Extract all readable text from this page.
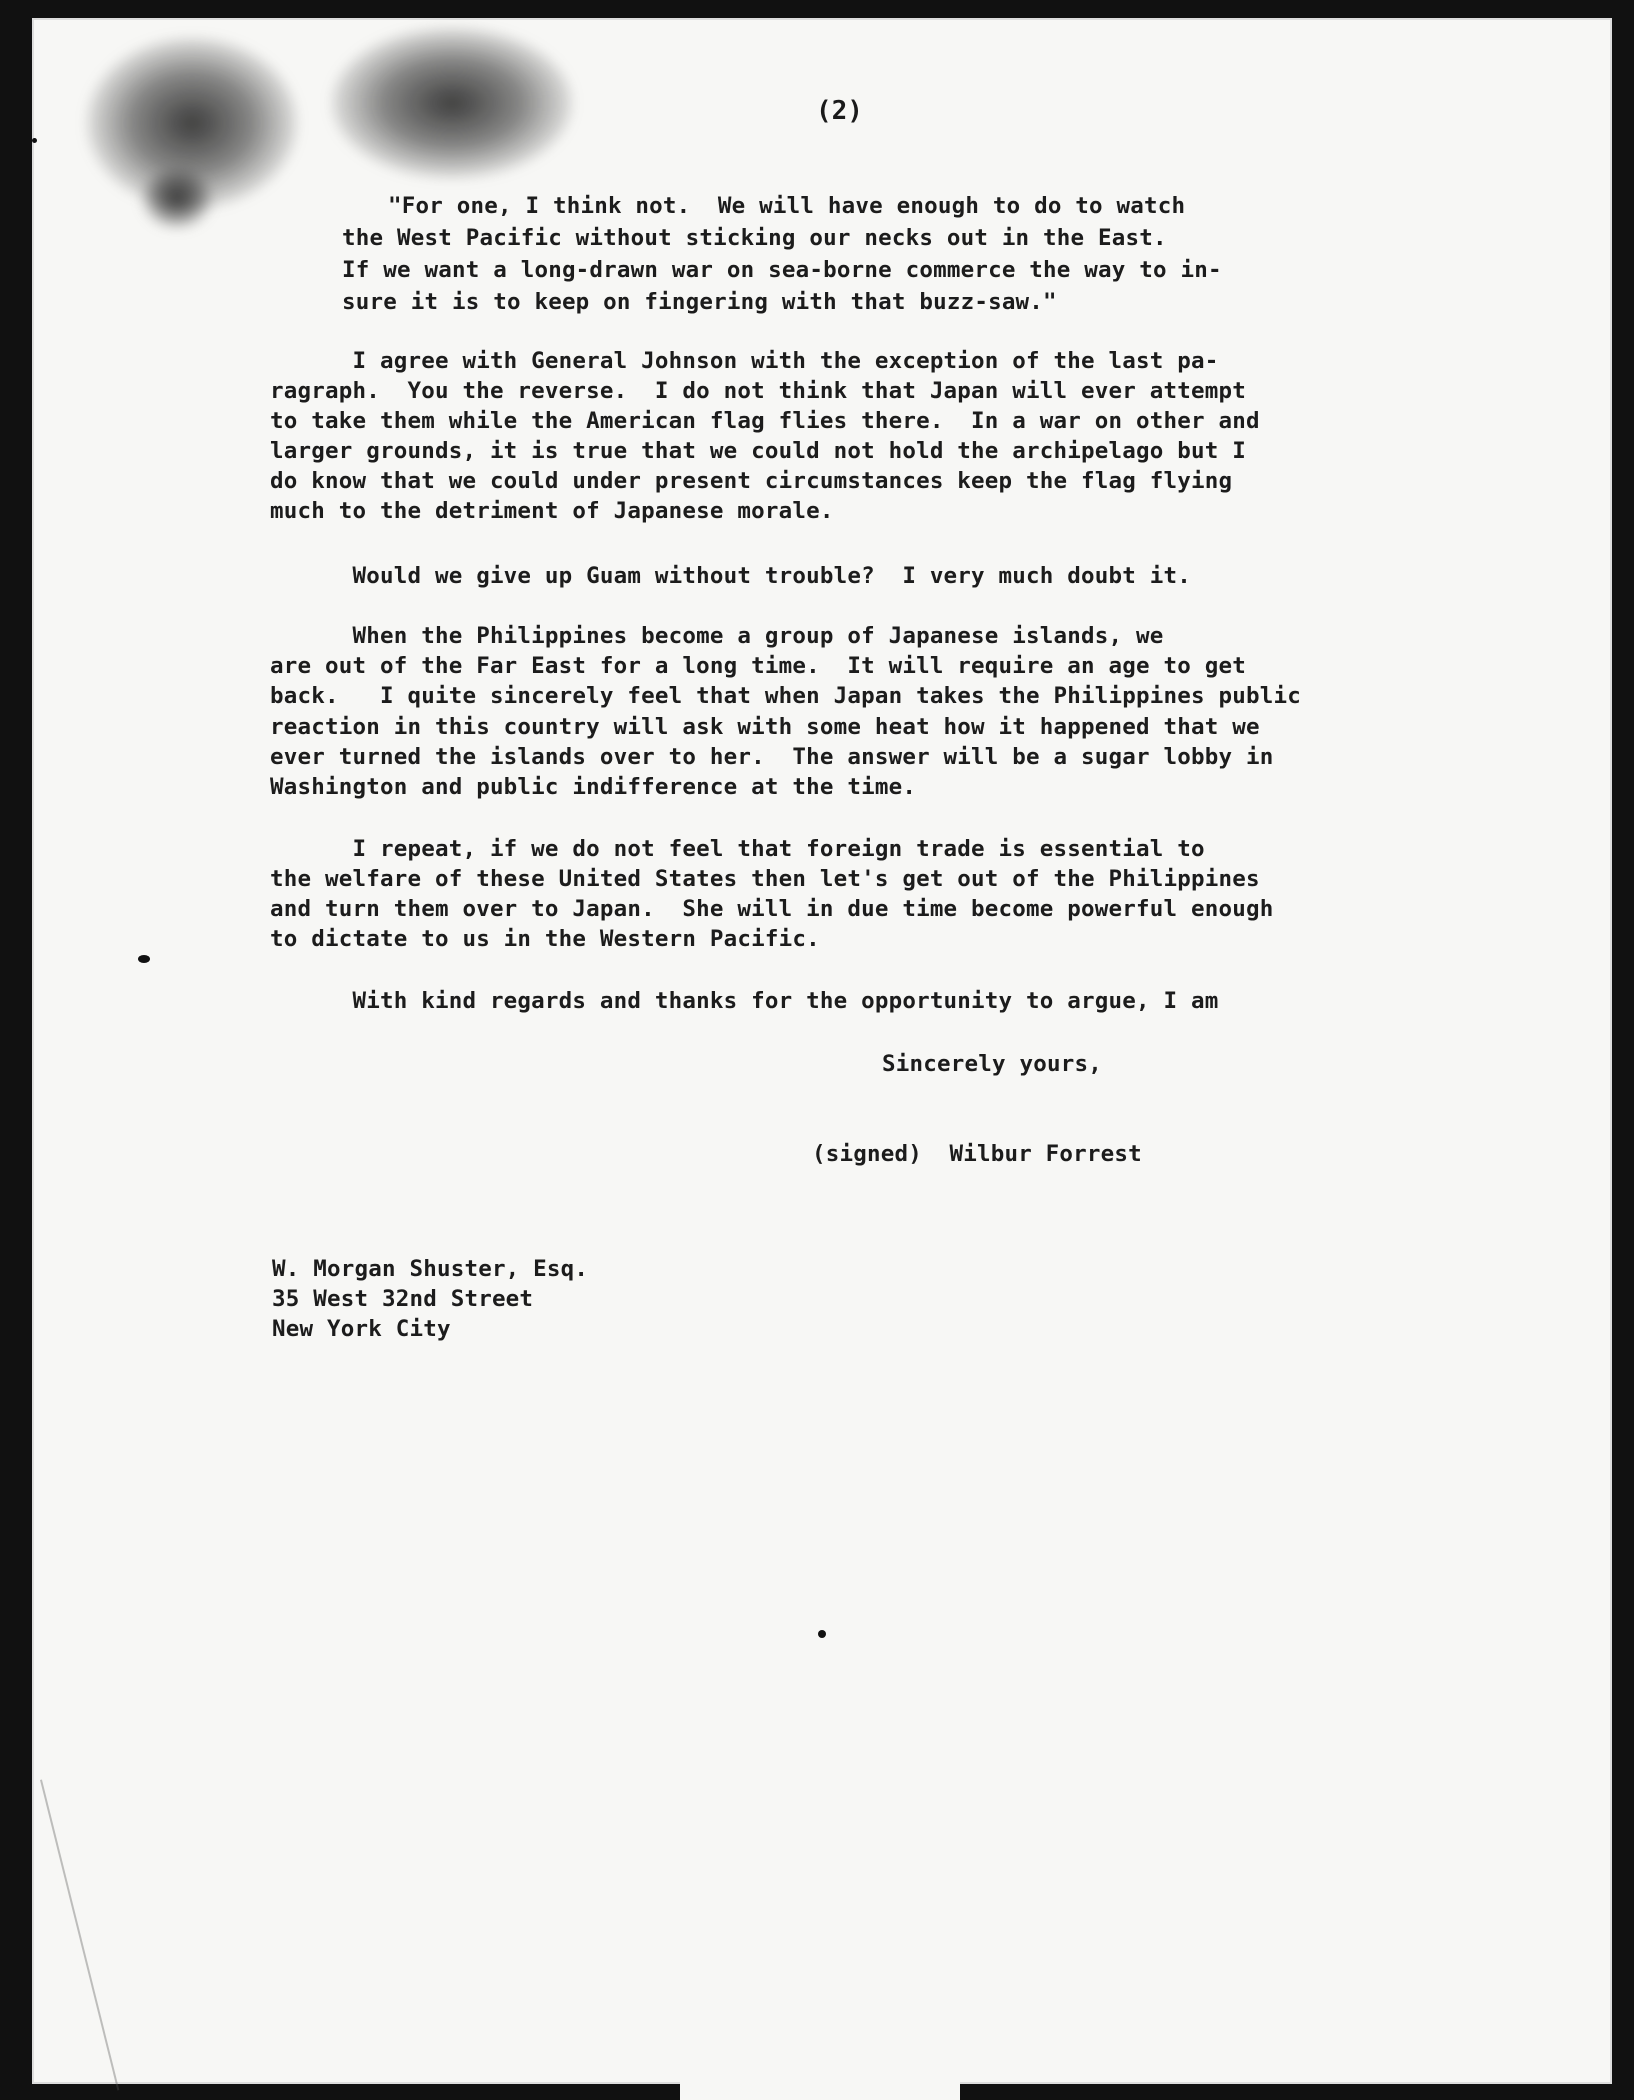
(2)
"For one, I think not.  We will have enough to do to watch
the West Pacific without sticking our necks out in the East.
If we want a long-drawn war on sea-borne commerce the way to in-
sure it is to keep on fingering with that buzz-saw."
I agree with General Johnson with the exception of the last pa-
ragraph.  You the reverse.  I do not think that Japan will ever attempt
to take them while the American flag flies there.  In a war on other and
larger grounds, it is true that we could not hold the archipelago but I
do know that we could under present circumstances keep the flag flying
much to the detriment of Japanese morale.
Would we give up Guam without trouble?  I very much doubt it.
When the Philippines become a group of Japanese islands, we
are out of the Far East for a long time.  It will require an age to get
back.   I quite sincerely feel that when Japan takes the Philippines public
reaction in this country will ask with some heat how it happened that we
ever turned the islands over to her.  The answer will be a sugar lobby in
Washington and public indifference at the time.
I repeat, if we do not feel that foreign trade is essential to
the welfare of these United States then let's get out of the Philippines
and turn them over to Japan.  She will in due time become powerful enough
to dictate to us in the Western Pacific.
With kind regards and thanks for the opportunity to argue, I am
Sincerely yours,
(signed)  Wilbur Forrest
W. Morgan Shuster, Esq.
35 West 32nd Street
New York City
